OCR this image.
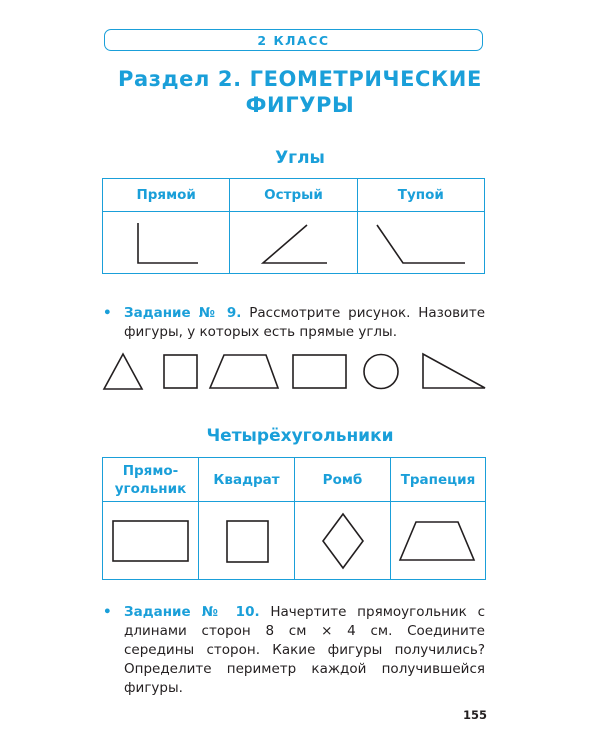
2 КЛАСС
Раздел 2. ГЕОМЕТРИЧЕСКИЕ ФИГУРЫ
Углы
Прямой	Острый	Тупой

• Задание № 9. Рассмотрите рисунок. Назовите фигуры, у которых есть прямые углы.
Четырёхугольники
Прямо-
угольник	Квадрат	Ромб	Трапеция

• Задание № 10. Начертите прямоугольник с длинами сторон 8 см × 4 см. Соедините середины сторон. Какие фигуры получились? Определите периметр каждой получившейся фигуры.
155
